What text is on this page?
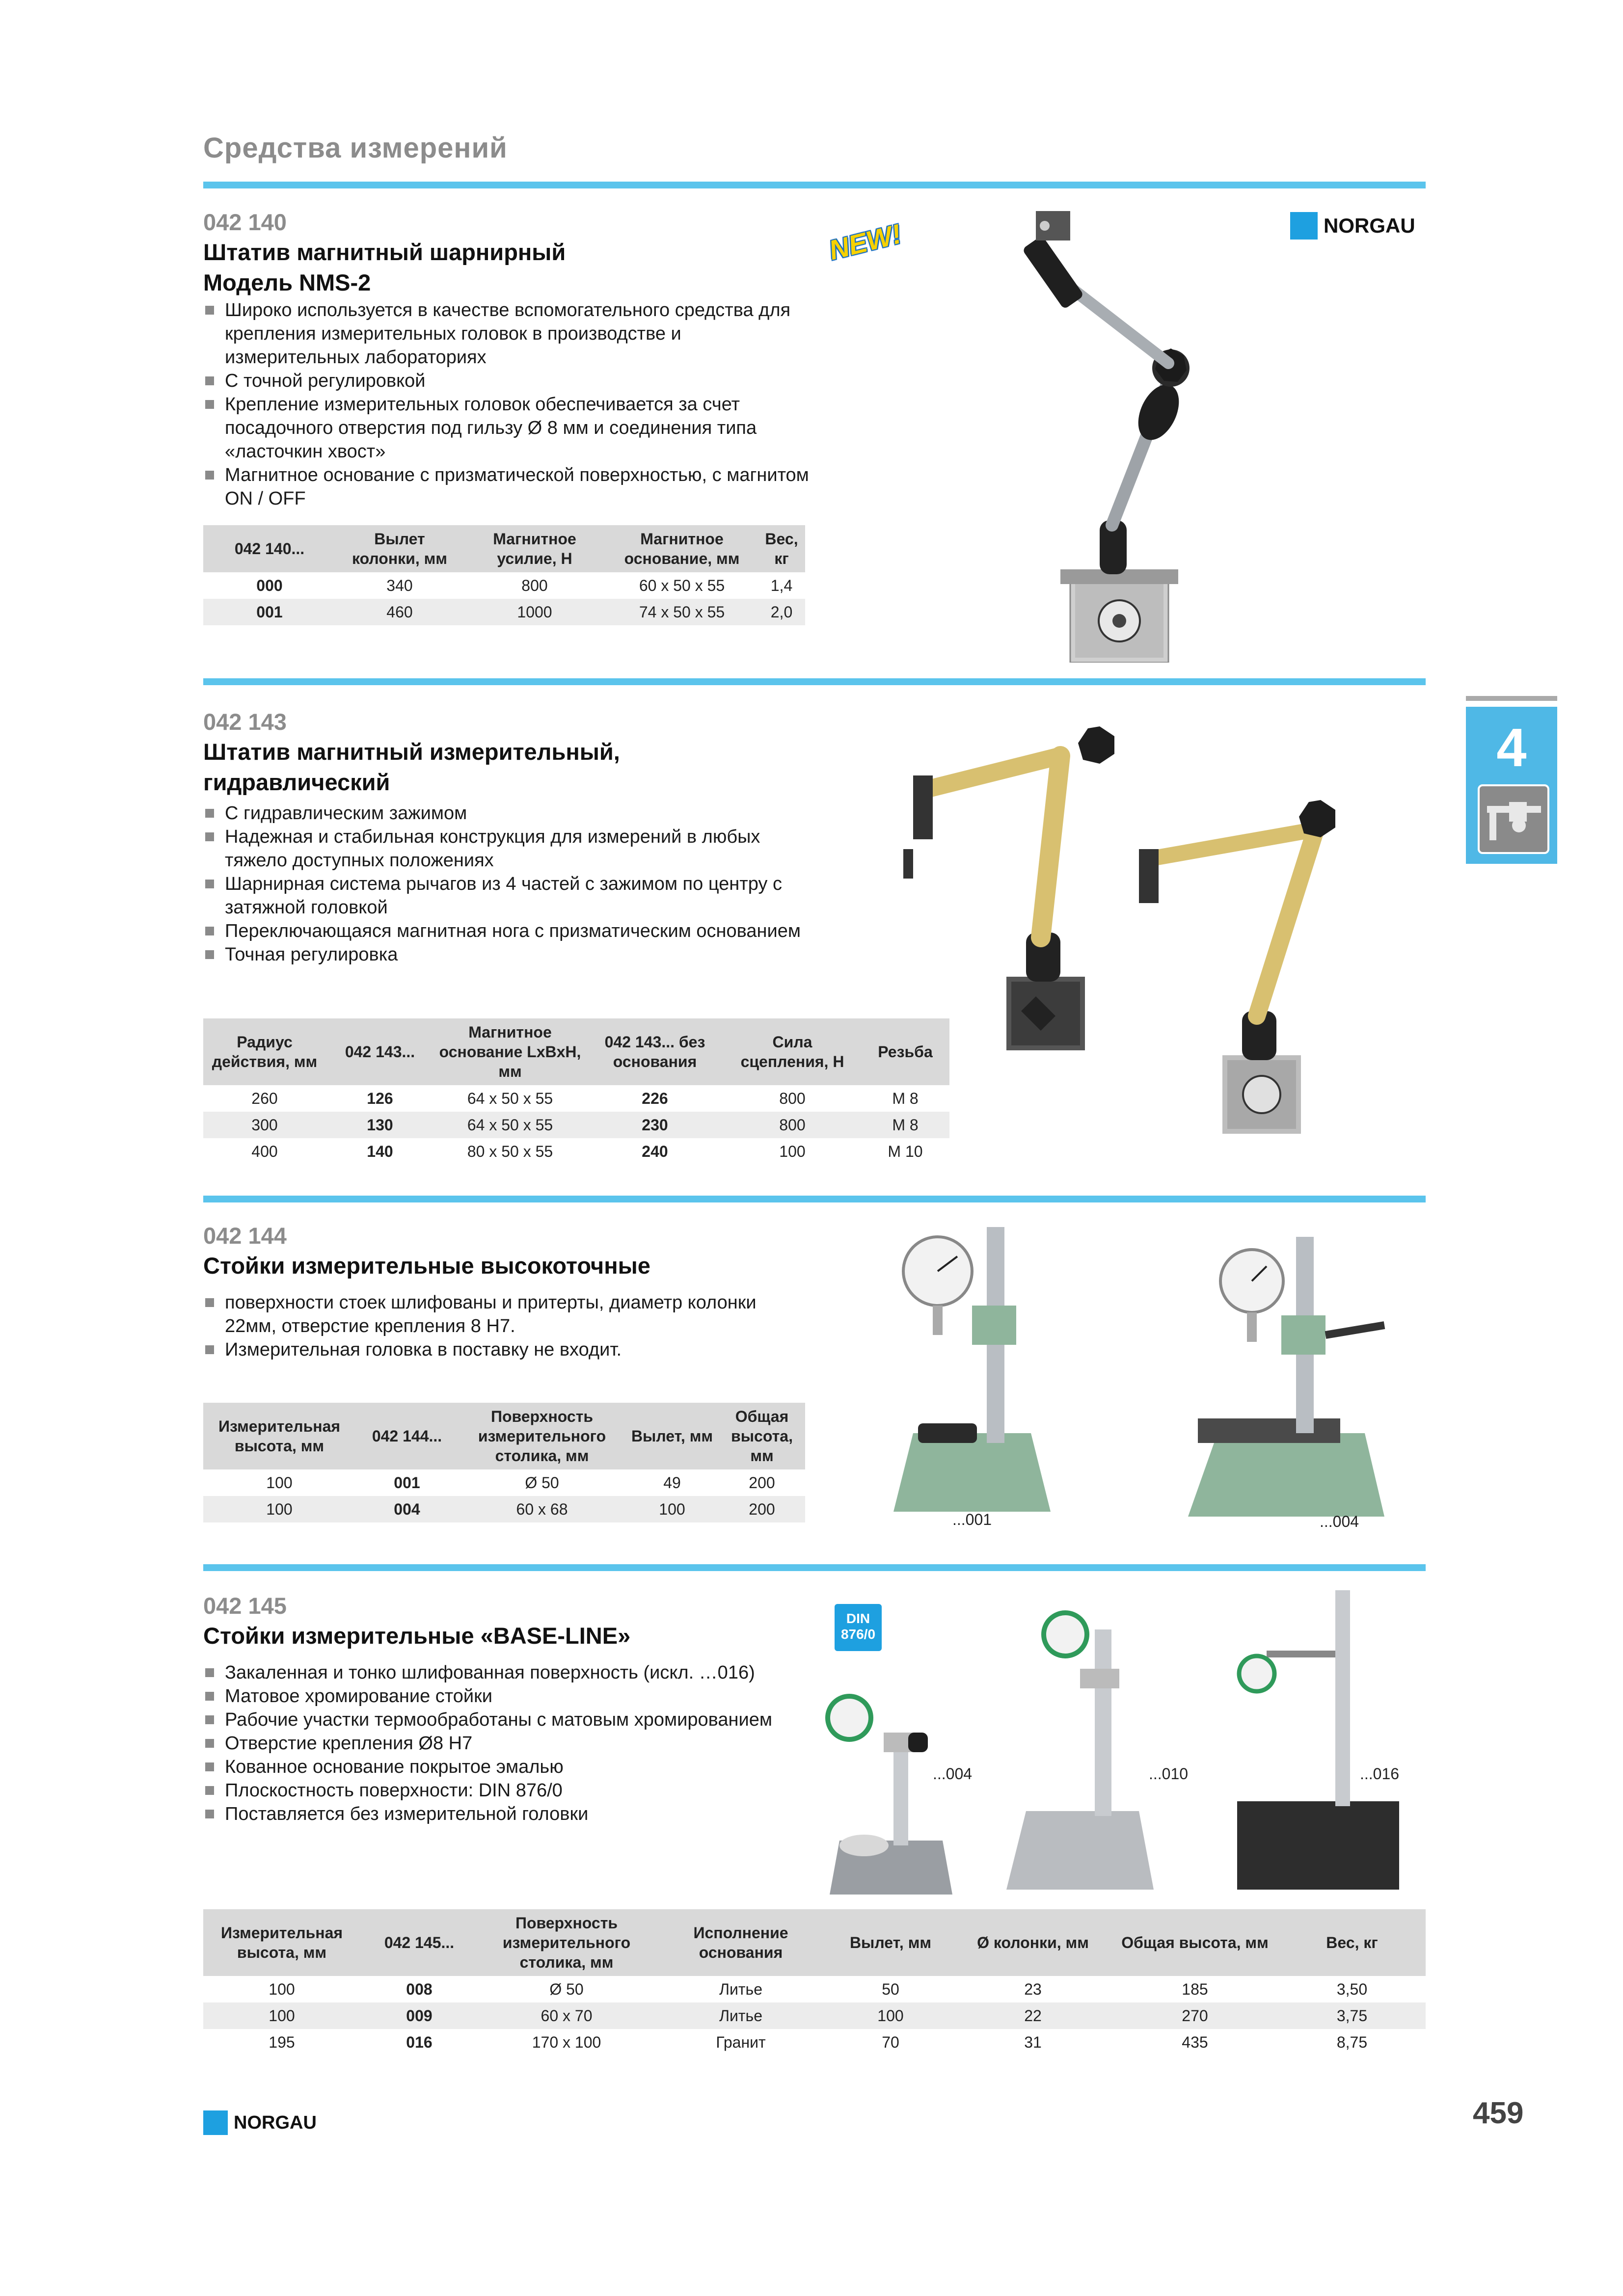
Средства измерений
042 140
Штатив магнитный шарнирный
Модель NMS-2
Широко используется в качестве вспомогательного средства для крепления измерительных головок в производстве и измерительных лабораториях
С точной регулировкой
Крепление измерительных головок обеспечивается за счет посадочного отверстия под гильзу Ø 8 мм и соединения типа «ласточкин хвост»
Магнитное основание с призматической поверхностью, с магнитом ON / OFF
042 140...	Вылет колонки, мм	Магнитное усилие, Н	Магнитное основание, мм	Вес, кг
000	340	800	60 x 50 x 55	1,4
001	460	1000	74 x 50 x 55	2,0
NEW!	NORGAU
042 143
Штатив магнитный измерительный,
гидравлический
С гидравлическим зажимом
Надежная и стабильная конструкция для измерений в любых тяжело доступных положениях
Шарнирная система рычагов из 4 частей с зажимом по центру с затяжной головкой
Переключающаяся магнитная нога с призматическим основанием
Точная регулировка
Радиус действия, мм	042 143...	Магнитное основание LxBxH, мм	042 143... без основания	Сила сцепления, Н	Резьба
260	126	64 x 50 x 55	226	800	M 8
300	130	64 x 50 x 55	230	800	M 8
400	140	80 x 50 x 55	240	100	M 10
4
042 144
Стойки измерительные высокоточные
поверхности стоек шлифованы и притерты, диаметр колонки 22мм, отверстие крепления 8 H7.
Измерительная головка в поставку не входит.
Измерительная высота, мм	042 144...	Поверхность измерительного столика, мм	Вылет, мм	Общая высота, мм
100	001	Ø 50	49	200
100	004	60 x 68	100	200
...001	...004
042 145
Стойки измерительные «BASE-LINE»
Закаленная и тонко шлифованная поверхность (искл. …016)
Матовое хромирование стойки
Рабочие участки термообработаны с матовым хромированием
Отверстие крепления Ø8 H7
Кованное основание покрытое эмалью
Плоскостность поверхности: DIN 876/0
Поставляется без измерительной головки
DIN
876/0
...004	...010	...016
Измерительная высота, мм	042 145...	Поверхность измерительного столика, мм	Исполнение основания	Вылет, мм	Ø колонки, мм	Общая высота, мм	Вес, кг
100	008	Ø 50	Литье	50	23	185	3,50
100	009	60 x 70	Литье	100	22	270	3,75
195	016	170 x 100	Гранит	70	31	435	8,75
NORGAU	459
